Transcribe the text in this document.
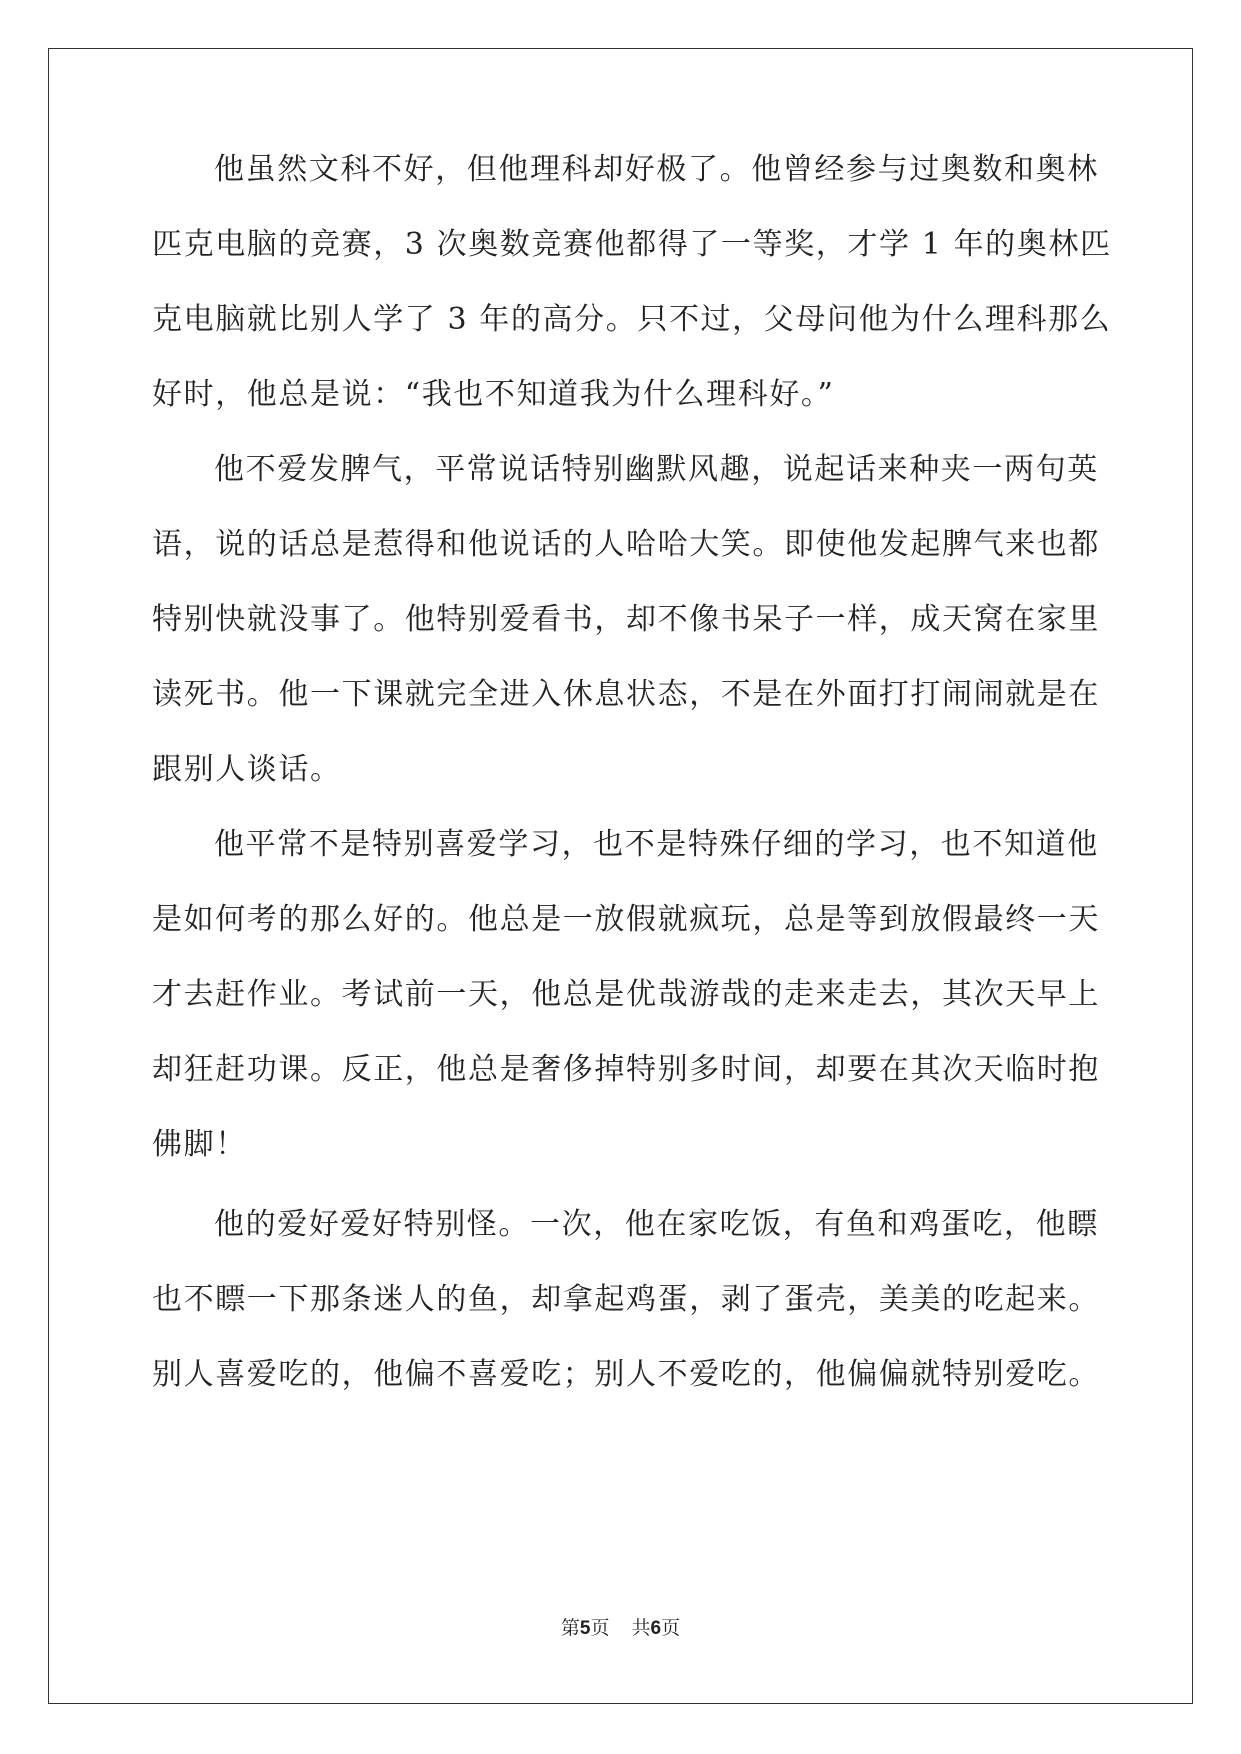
他虽然文科不好，但他理科却好极了。他曾经参与过奥数和奥林
匹克电脑的竞赛，3 次奥数竞赛他都得了一等奖，才学 1 年的奥林匹
克电脑就比别人学了 3 年的高分。只不过，父母问他为什么理科那么
好时，他总是说：“我也不知道我为什么理科好。”
他不爱发脾气，平常说话特别幽默风趣，说起话来种夹一两句英
语，说的话总是惹得和他说话的人哈哈大笑。即使他发起脾气来也都
特别快就没事了。他特别爱看书，却不像书呆子一样，成天窝在家里
读死书。他一下课就完全进入休息状态，不是在外面打打闹闹就是在
跟别人谈话。
他平常不是特别喜爱学习，也不是特殊仔细的学习，也不知道他
是如何考的那么好的。他总是一放假就疯玩，总是等到放假最终一天
才去赶作业。考试前一天，他总是优哉游哉的走来走去，其次天早上
却狂赶功课。反正，他总是奢侈掉特别多时间，却要在其次天临时抱
佛脚！
他的爱好爱好特别怪。一次，他在家吃饭，有鱼和鸡蛋吃，他瞟
也不瞟一下那条迷人的鱼，却拿起鸡蛋，剥了蛋壳，美美的吃起来。
别人喜爱吃的，他偏不喜爱吃；别人不爱吃的，他偏偏就特别爱吃。
第5页 共6页
